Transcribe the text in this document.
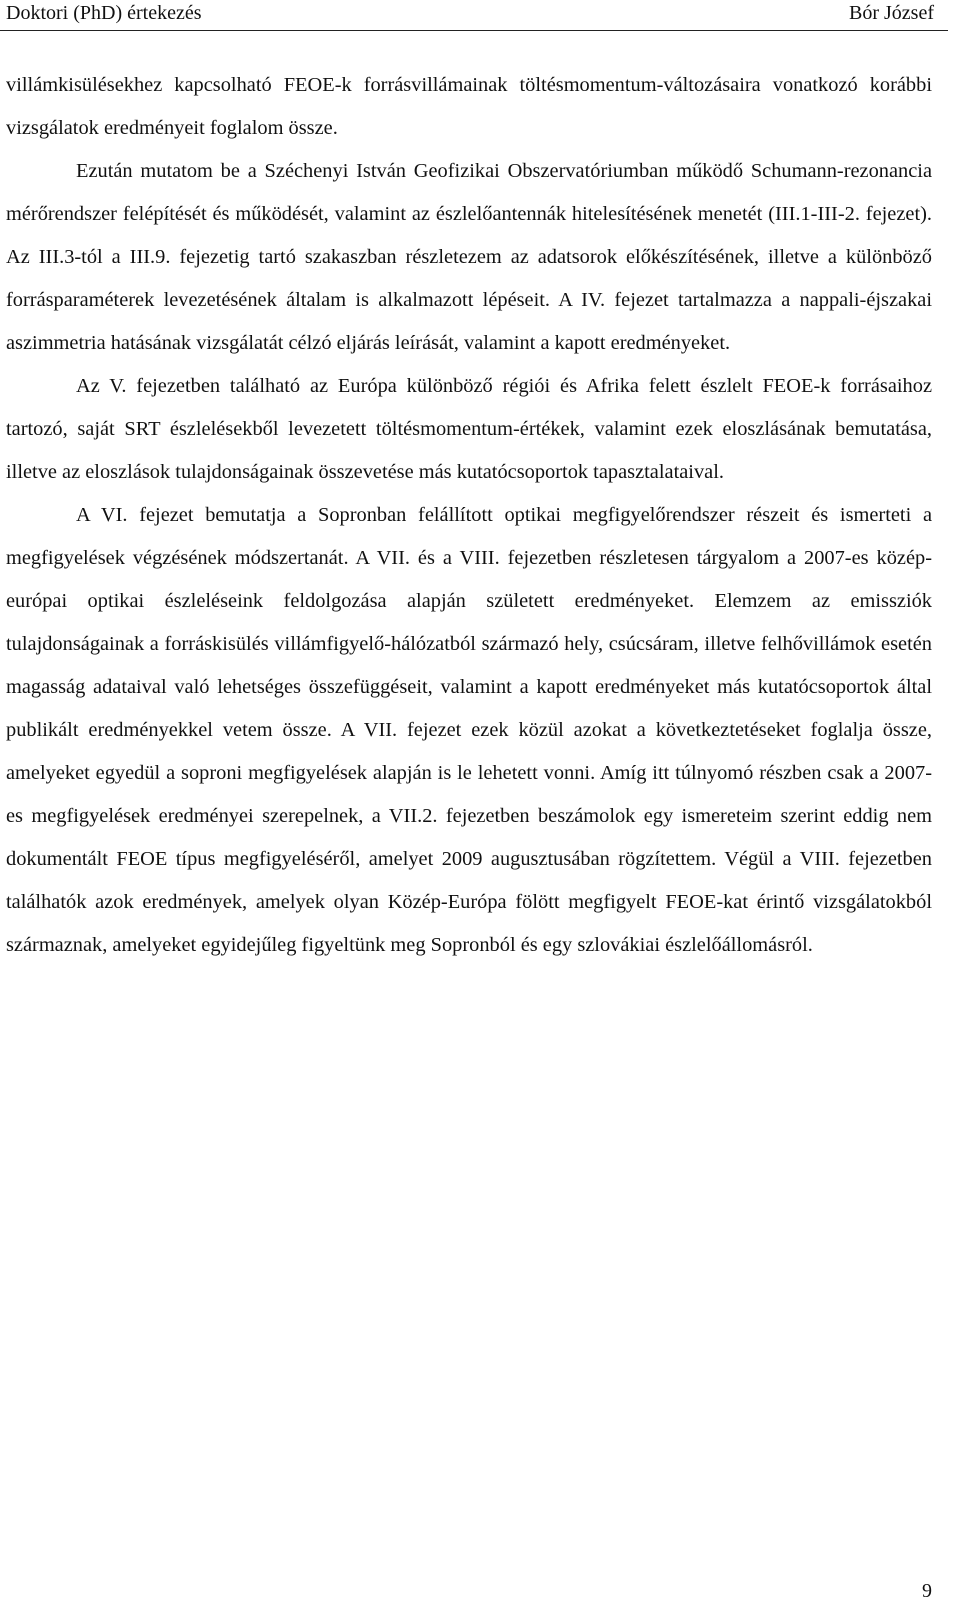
Doktori (PhD) értekezés	Bór József

villámkisülésekhez kapcsolható FEOE-k forrásvillámainak töltésmomentum-változásaira vonatkozó korábbi vizsgálatok eredményeit foglalom össze.

Ezután mutatom be a Széchenyi István Geofizikai Obszervatóriumban működő Schumann-rezonancia mérőrendszer felépítését és működését, valamint az észlelőantennák hitelesítésének menetét (III.1-III-2. fejezet). Az III.3-tól a III.9. fejezetig tartó szakaszban részletezem az adatsorok előkészítésének, illetve a különböző forrásparaméterek levezetésének általam is alkalmazott lépéseit. A IV. fejezet tartalmazza a nappali-éjszakai aszimmetria hatásának vizsgálatát célzó eljárás leírását, valamint a kapott eredményeket.

Az V. fejezetben található az Európa különböző régiói és Afrika felett észlelt FEOE-k forrásaihoz tartozó, saját SRT észlelésekből levezetett töltésmomentum-értékek, valamint ezek eloszlásának bemutatása, illetve az eloszlások tulajdonságainak összevetése más kutatócsoportok tapasztalataival.

A VI. fejezet bemutatja a Sopronban felállított optikai megfigyelőrendszer részeit és ismerteti a megfigyelések végzésének módszertanát. A VII. és a VIII. fejezetben részletesen tárgyalom a 2007-es közép-európai optikai észleléseink feldolgozása alapján született eredményeket. Elemzem az emissziók tulajdonságainak a forráskisülés villámfigyelő-hálózatból származó hely, csúcsáram, illetve felhővillámok esetén magasság adataival való lehetséges összefüggéseit, valamint a kapott eredményeket más kutatócsoportok által publikált eredményekkel vetem össze. A VII. fejezet ezek közül azokat a következtetéseket foglalja össze, amelyeket egyedül a soproni megfigyelések alapján is le lehetett vonni. Amíg itt túlnyomó részben csak a 2007-es megfigyelések eredményei szerepelnek, a VII.2. fejezetben beszámolok egy ismereteim szerint eddig nem dokumentált FEOE típus megfigyeléséről, amelyet 2009 augusztusában rögzítettem. Végül a VIII. fejezetben találhatók azok eredmények, amelyek olyan Közép-Európa fölött megfigyelt FEOE-kat érintő vizsgálatokból származnak, amelyeket egyidejűleg figyeltünk meg Sopronból és egy szlovákiai észlelőállomásról.

9
